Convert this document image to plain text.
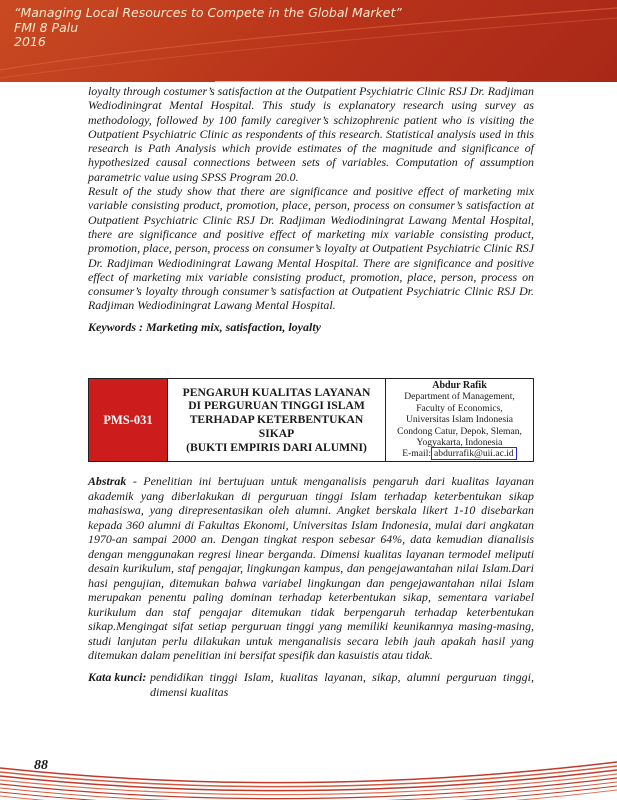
“Managing Local Resources to Compete in the Global Market”
FMI 8 Palu
2016

loyalty through costumer’s satisfaction at the Outpatient Psychiatric Clinic RSJ Dr. Radjiman Wediodiningrat Mental Hospital. This study is explanatory research using survey as methodology, followed by 100 family caregiver’s schizophrenic patient who is visiting the Outpatient Psychiatric Clinic as respondents of this research. Statistical analysis used in this research is Path Analysis which provide estimates of the magnitude and significance of hypothesized causal connections between sets of variables. Computation of assumption parametric value using SPSS Program 20.0.

Result of the study show that there are significance and positive effect of marketing mix variable consisting product, promotion, place, person, process on consumer’s satisfaction at Outpatient Psychiatric Clinic RSJ Dr. Radjiman Wediodiningrat Lawang Mental Hospital, there are significance and positive effect of marketing mix variable consisting product, promotion, place, person, process on consumer’s loyalty at Outpatient Psychiatric Clinic RSJ Dr. Radjiman Wediodiningrat Lawang Mental Hospital. There are significance and positive effect of marketing mix variable consisting product, promotion, place, person, process on consumer’s loyalty through consumer’s satisfaction at Outpatient Psychiatric Clinic RSJ Dr. Radjiman Wediodiningrat Lawang Mental Hospital.

Keywords : Marketing mix, satisfaction, loyalty
PMS-031
PENGARUH KUALITAS LAYANAN
DI PERGURUAN TINGGI ISLAM
TERHADAP KETERBENTUKAN
SIKAP
(BUKTI EMPIRIS DARI ALUMNI)
Abdur Rafik
Department of Management,
Faculty of Economics,
Universitas Islam Indonesia
Condong Catur, Depok, Sleman,
Yogyakarta, Indonesia
E-mail: abdurrafik@uii.ac.id

Abstrak - Penelitian ini bertujuan untuk menganalisis pengaruh dari kualitas layanan akademik yang diberlakukan di perguruan tinggi Islam terhadap keterbentukan sikap mahasiswa, yang direpresentasikan oleh alumni. Angket berskala likert 1-10 disebarkan kepada 360 alumni di Fakultas Ekonomi, Universitas Islam Indonesia, mulai dari angkatan 1970-an sampai 2000 an. Dengan tingkat respon sebesar 64%, data kemudian dianalisis dengan menggunakan regresi linear berganda. Dimensi kualitas layanan termodel meliputi desain kurikulum, staf pengajar, lingkungan kampus, dan pengejawantahan nilai Islam.Dari hasi pengujian, ditemukan bahwa variabel lingkungan dan pengejawantahan nilai Islam merupakan penentu paling dominan terhadap keterbentukan sikap, sementara variabel kurikulum dan staf pengajar ditemukan tidak berpengaruh terhadap keterbentukan sikap.Mengingat sifat setiap perguruan tinggi yang memiliki keunikannya masing-masing, studi lanjutan perlu dilakukan untuk menganalisis secara lebih jauh apakah hasil yang ditemukan dalam penelitian ini bersifat spesifik dan kasuistis atau tidak.

Kata kunci: pendidikan tinggi Islam, kualitas layanan, sikap, alumni perguruan tinggi, dimensi kualitas
88
